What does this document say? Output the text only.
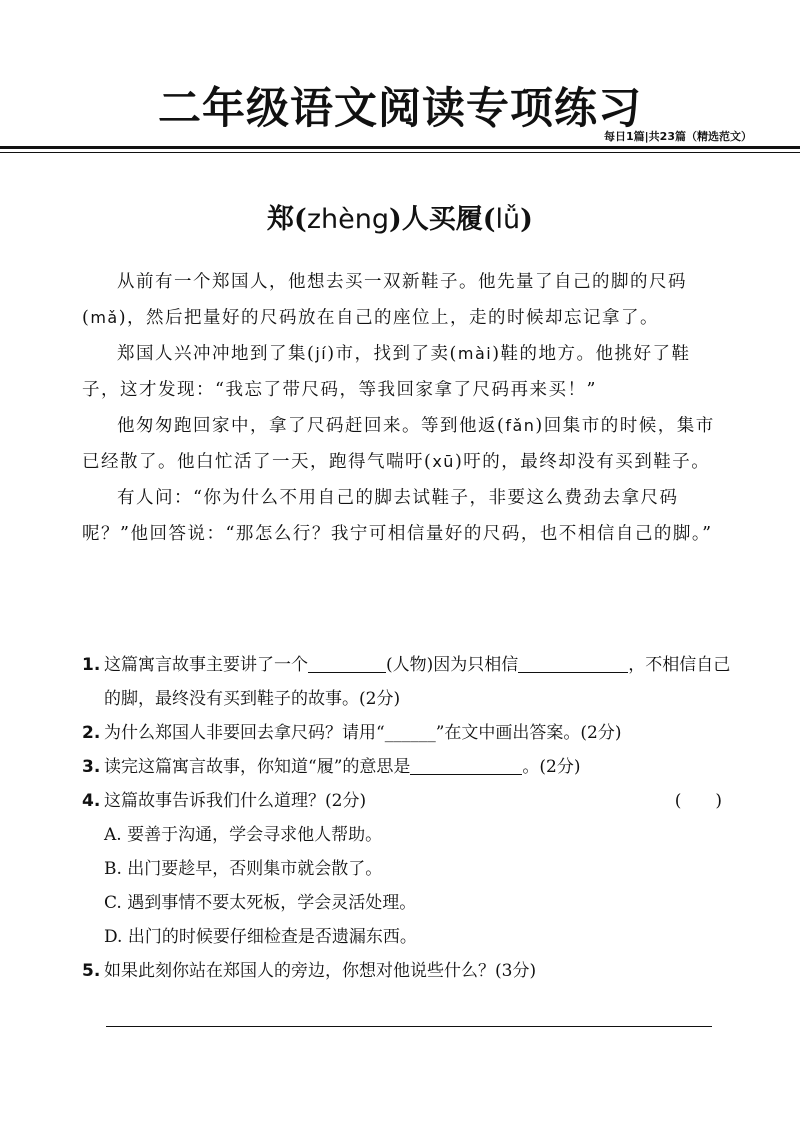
二年级语文阅读专项练习
每日1篇|共23篇（精选范文）
郑(zhèng)人买履(lǚ)

从前有一个郑国人，他想去买一双新鞋子。他先量了自己的脚的尺码(mǎ)，然后把量好的尺码放在自己的座位上，走的时候却忘记拿了。

郑国人兴冲冲地到了集(jí)市，找到了卖(mài)鞋的地方。他挑好了鞋子，这才发现：“我忘了带尺码，等我回家拿了尺码再来买！”

他匆匆跑回家中，拿了尺码赶回来。等到他返(fǎn)回集市的时候，集市已经散了。他白忙活了一天，跑得气喘吁(xū)吁的，最终却没有买到鞋子。

有人问：“你为什么不用自己的脚去试鞋子，非要这么费劲去拿尺码呢？”他回答说：“那怎么行？我宁可相信量好的尺码，也不相信自己的脚。”

1. 这篇寓言故事主要讲了一个	(人物)因为只相信	，不相信自己的脚，最终没有买到鞋子的故事。(2分)
2. 为什么郑国人非要回去拿尺码？请用“______”在文中画出答案。(2分)
3. 读完这篇寓言故事，你知道“履”的意思是	。(2分)
4. 这篇故事告诉我们什么道理？(2分)	(　　)
A. 要善于沟通，学会寻求他人帮助。
B. 出门要趁早，否则集市就会散了。
C. 遇到事情不要太死板，学会灵活处理。
D. 出门的时候要仔细检查是否遗漏东西。
5. 如果此刻你站在郑国人的旁边，你想对他说些什么？(3分)
